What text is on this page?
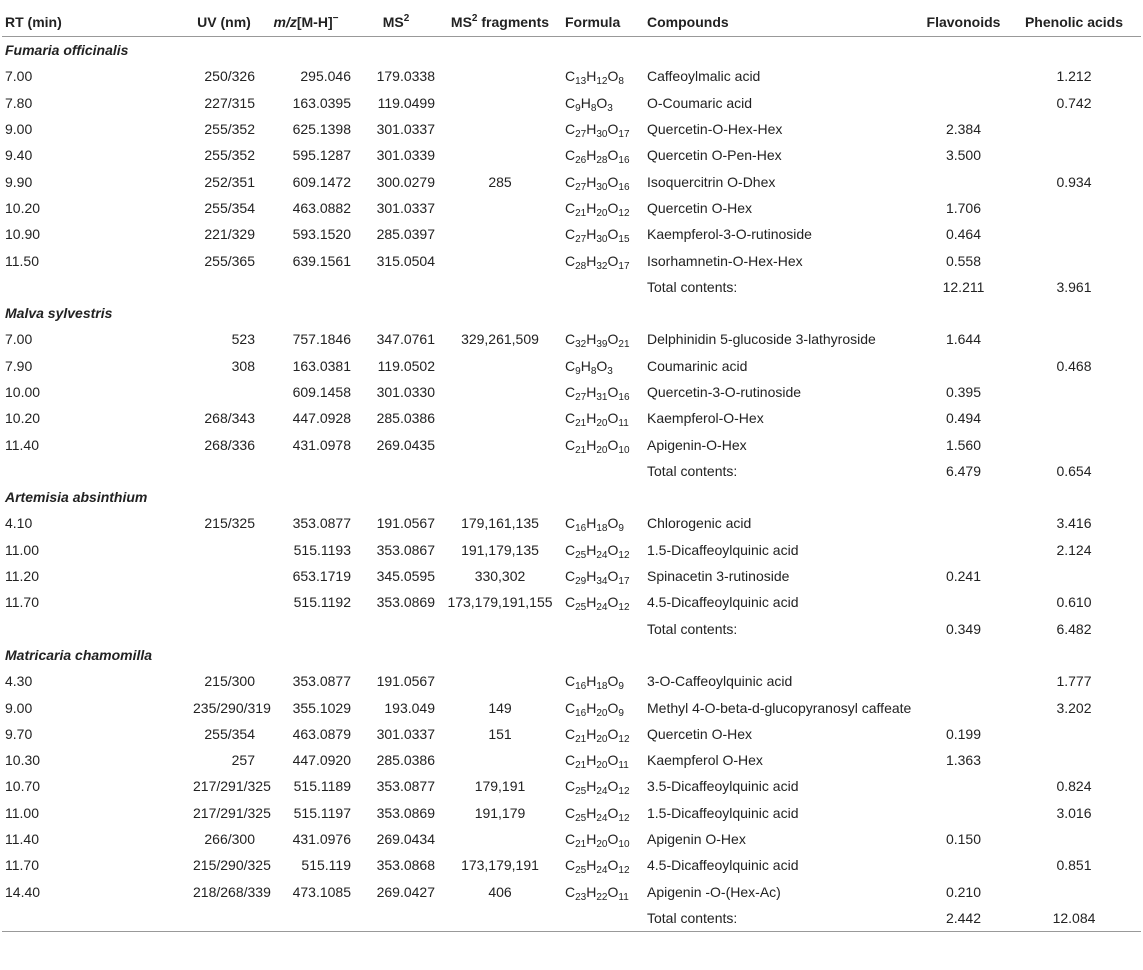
RT (min)	UV (nm)	m/z[M-H]−	$MS^2$	$MS^2$ fragments	Formula	Compounds	Flavonoids	Phenolic acids
Fumaria officinalis								
7.00	250/326	295.046	179.0338		$C_{13}H_{12}O_8$	Caffeoylmalic acid		1.212
7.80	227/315	163.0395	119.0499		$C_9H_8O_3$	O-Coumaric acid		0.742
9.00	255/352	625.1398	301.0337		$C_{27}H_{30}O_{17}$	Quercetin-O-Hex-Hex	2.384	
9.40	255/352	595.1287	301.0339		$C_{26}H_{28}O_{16}$	Quercetin O-Pen-Hex	3.500	
9.90	252/351	609.1472	300.0279	285	$C_{27}H_{30}O_{16}$	Isoquercitrin O-Dhex		0.934
10.20	255/354	463.0882	301.0337		$C_{21}H_{20}O_{12}$	Quercetin O-Hex	1.706	
10.90	221/329	593.1520	285.0397		$C_{27}H_{30}O_{15}$	Kaempferol-3-O-rutinoside	0.464	
11.50	255/365	639.1561	315.0504		$C_{28}H_{32}O_{17}$	Isorhamnetin-O-Hex-Hex	0.558	
						Total contents:	12.211	3.961
Malva sylvestris								
7.00	523	757.1846	347.0761	329,261,509	$C_{32}H_{39}O_{21}$	Delphinidin 5-glucoside 3-lathyroside	1.644	
7.90	308	163.0381	119.0502		$C_9H_8O_3$	Coumarinic acid		0.468
10.00		609.1458	301.0330		$C_{27}H_{31}O_{16}$	Quercetin-3-O-rutinoside	0.395	
10.20	268/343	447.0928	285.0386		$C_{21}H_{20}O_{11}$	Kaempferol-O-Hex	0.494	
11.40	268/336	431.0978	269.0435		$C_{21}H_{20}O_{10}$	Apigenin-O-Hex	1.560	
						Total contents:	6.479	0.654
Artemisia absinthium								
4.10	215/325	353.0877	191.0567	179,161,135	$C_{16}H_{18}O_9$	Chlorogenic acid		3.416
11.00		515.1193	353.0867	191,179,135	$C_{25}H_{24}O_{12}$	1.5-Dicaffeoylquinic acid		2.124
11.20		653.1719	345.0595	330,302	$C_{29}H_{34}O_{17}$	Spinacetin 3-rutinoside	0.241	
11.70		515.1192	353.0869	173,179,191,155	$C_{25}H_{24}O_{12}$	4.5-Dicaffeoylquinic acid		0.610
						Total contents:	0.349	6.482
Matricaria chamomilla								
4.30	215/300	353.0877	191.0567		$C_{16}H_{18}O_9$	3-O-Caffeoylquinic acid		1.777
9.00	235/290/319	355.1029	193.049	149	$C_{16}H_{20}O_9$	Methyl 4-O-beta-d-glucopyranosyl caffeate		3.202
9.70	255/354	463.0879	301.0337	151	$C_{21}H_{20}O_{12}$	Quercetin O-Hex	0.199	
10.30	257	447.0920	285.0386		$C_{21}H_{20}O_{11}$	Kaempferol O-Hex	1.363	
10.70	217/291/325	515.1189	353.0877	179,191	$C_{25}H_{24}O_{12}$	3.5-Dicaffeoylquinic acid		0.824
11.00	217/291/325	515.1197	353.0869	191,179	$C_{25}H_{24}O_{12}$	1.5-Dicaffeoylquinic acid		3.016
11.40	266/300	431.0976	269.0434		$C_{21}H_{20}O_{10}$	Apigenin O-Hex	0.150	
11.70	215/290/325	515.119	353.0868	173,179,191	$C_{25}H_{24}O_{12}$	4.5-Dicaffeoylquinic acid		0.851
14.40	218/268/339	473.1085	269.0427	406	$C_{23}H_{22}O_{11}$	Apigenin -O-(Hex-Ac)	0.210	
						Total contents:	2.442	12.084
